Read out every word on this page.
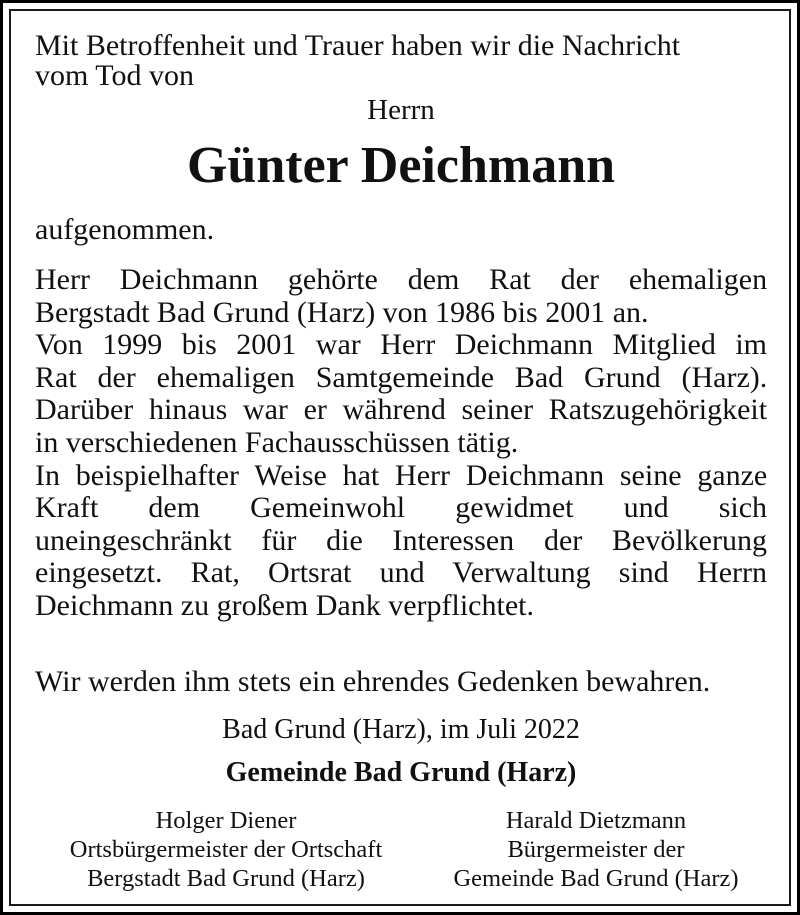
Mit Betroffenheit und Trauer haben wir die Nachricht
vom Tod von
Herrn
Günter Deichmann
aufgenommen.
Herr Deichmann gehörte dem Rat der ehemaligen
Bergstadt Bad Grund (Harz) von 1986 bis 2001 an.
Von 1999 bis 2001 war Herr Deichmann Mitglied im
Rat der ehemaligen Samtgemeinde Bad Grund (Harz).
Darüber hinaus war er während seiner Ratszugehörigkeit
in verschiedenen Fachausschüssen tätig.
In beispielhafter Weise hat Herr Deichmann seine ganze
Kraft dem Gemeinwohl gewidmet und sich
uneingeschränkt für die Interessen der Bevölkerung
eingesetzt. Rat, Ortsrat und Verwaltung sind Herrn
Deichmann zu großem Dank verpflichtet.
Wir werden ihm stets ein ehrendes Gedenken bewahren.
Bad Grund (Harz), im Juli 2022
Gemeinde Bad Grund (Harz)
Holger Diener
Ortsbürgermeister der Ortschaft
Bergstadt Bad Grund (Harz)
Harald Dietzmann
Bürgermeister der
Gemeinde Bad Grund (Harz)
